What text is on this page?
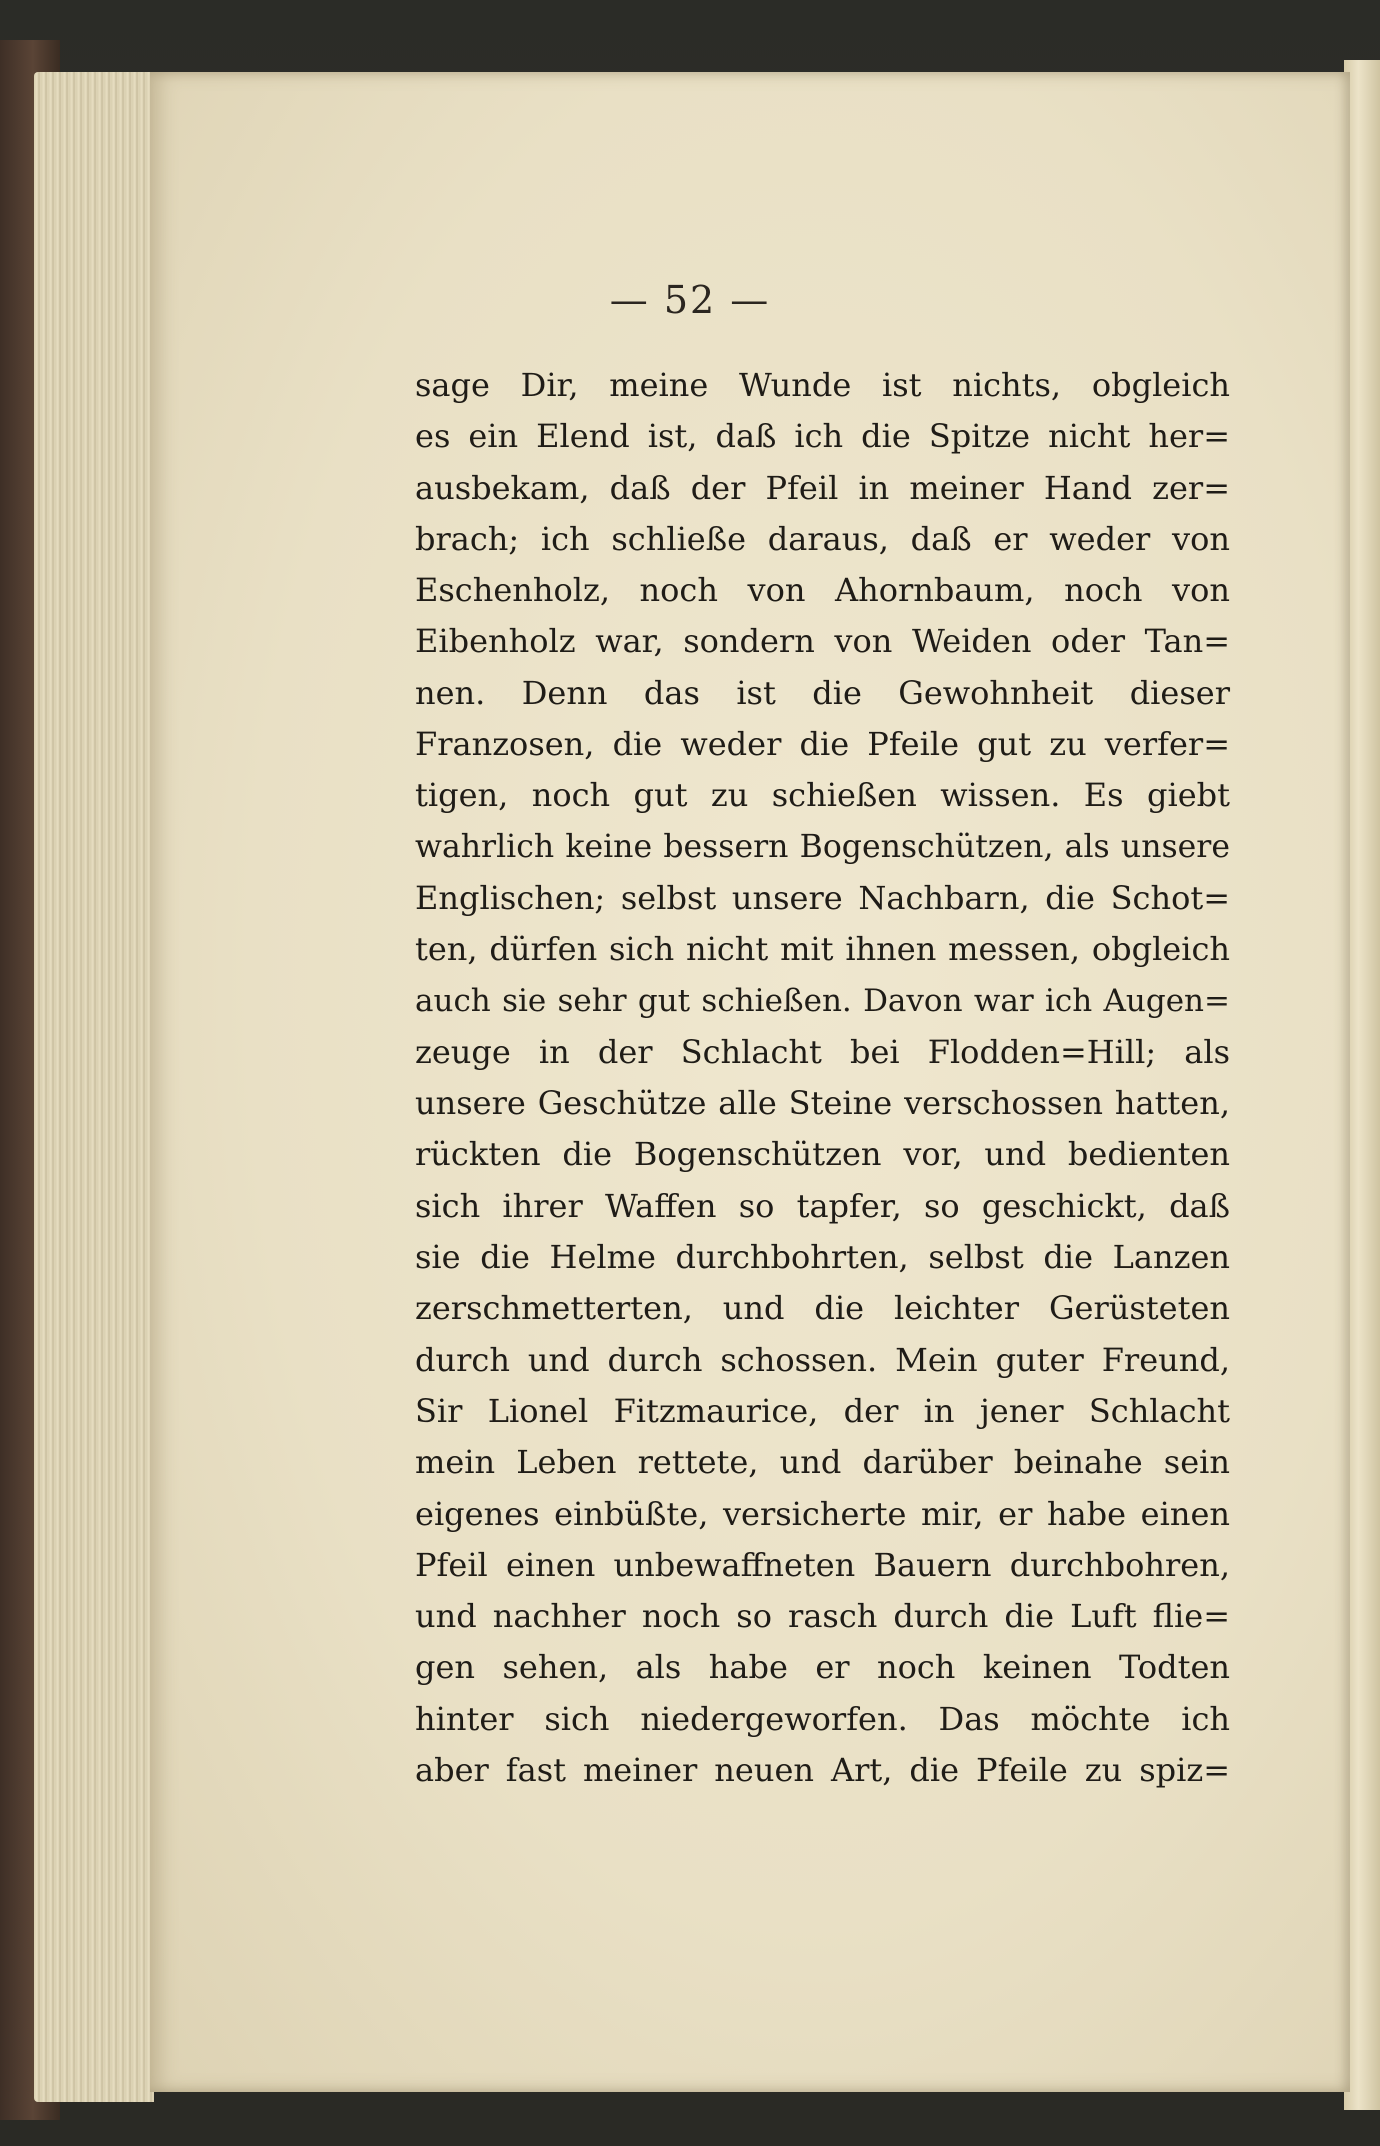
— 52 —
sage Dir, meine Wunde ist nichts, obgleich
es ein Elend ist, daß ich die Spitze nicht her=
ausbekam, daß der Pfeil in meiner Hand zer=
brach; ich schließe daraus, daß er weder von
Eschenholz, noch von Ahornbaum, noch von
Eibenholz war, sondern von Weiden oder Tan=
nen. Denn das ist die Gewohnheit dieser
Franzosen, die weder die Pfeile gut zu verfer=
tigen, noch gut zu schießen wissen. Es giebt
wahrlich keine bessern Bogenschützen, als unsere
Englischen; selbst unsere Nachbarn, die Schot=
ten, dürfen sich nicht mit ihnen messen, obgleich
auch sie sehr gut schießen. Davon war ich Augen=
zeuge in der Schlacht bei Flodden=Hill; als
unsere Geschütze alle Steine verschossen hatten,
rückten die Bogenschützen vor, und bedienten
sich ihrer Waffen so tapfer, so geschickt, daß
sie die Helme durchbohrten, selbst die Lanzen
zerschmetterten, und die leichter Gerüsteten
durch und durch schossen. Mein guter Freund,
Sir Lionel Fitzmaurice, der in jener Schlacht
mein Leben rettete, und darüber beinahe sein
eigenes einbüßte, versicherte mir, er habe einen
Pfeil einen unbewaffneten Bauern durchbohren,
und nachher noch so rasch durch die Luft flie=
gen sehen, als habe er noch keinen Todten
hinter sich niedergeworfen. Das möchte ich
aber fast meiner neuen Art, die Pfeile zu spiz=
